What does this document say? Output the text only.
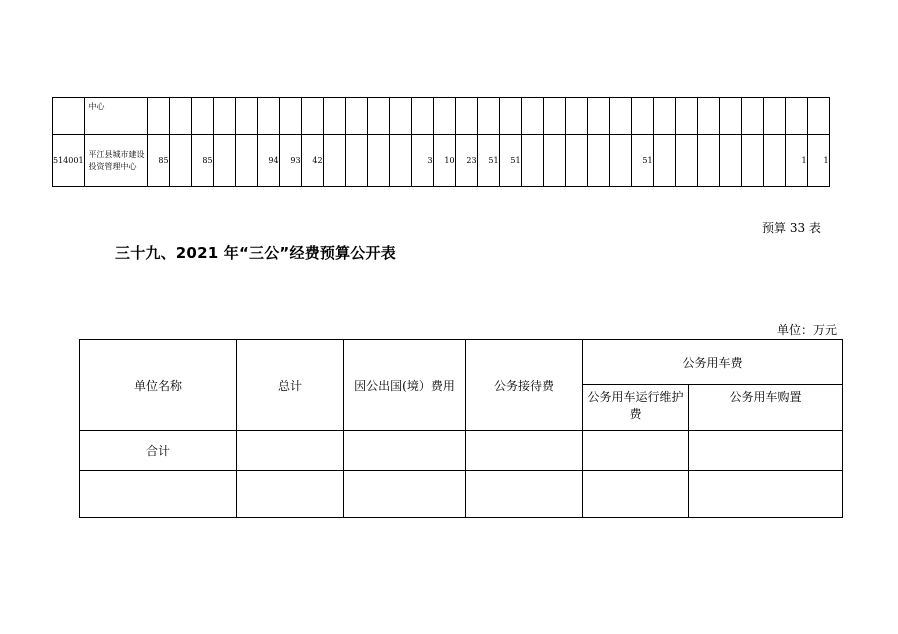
	中心																															
514001	平江县城市建设投资管理中心	85		85			94	93	42					3	10	23	51	51						51							1	1
预算 33 表
三十九、2021 年“三公”经费预算公开表
单位：万元
单位名称	总计	因公出国(境）费用	公务接待费	公务用车费	
				公务用车运行维护费	公务用车购置
合计					
